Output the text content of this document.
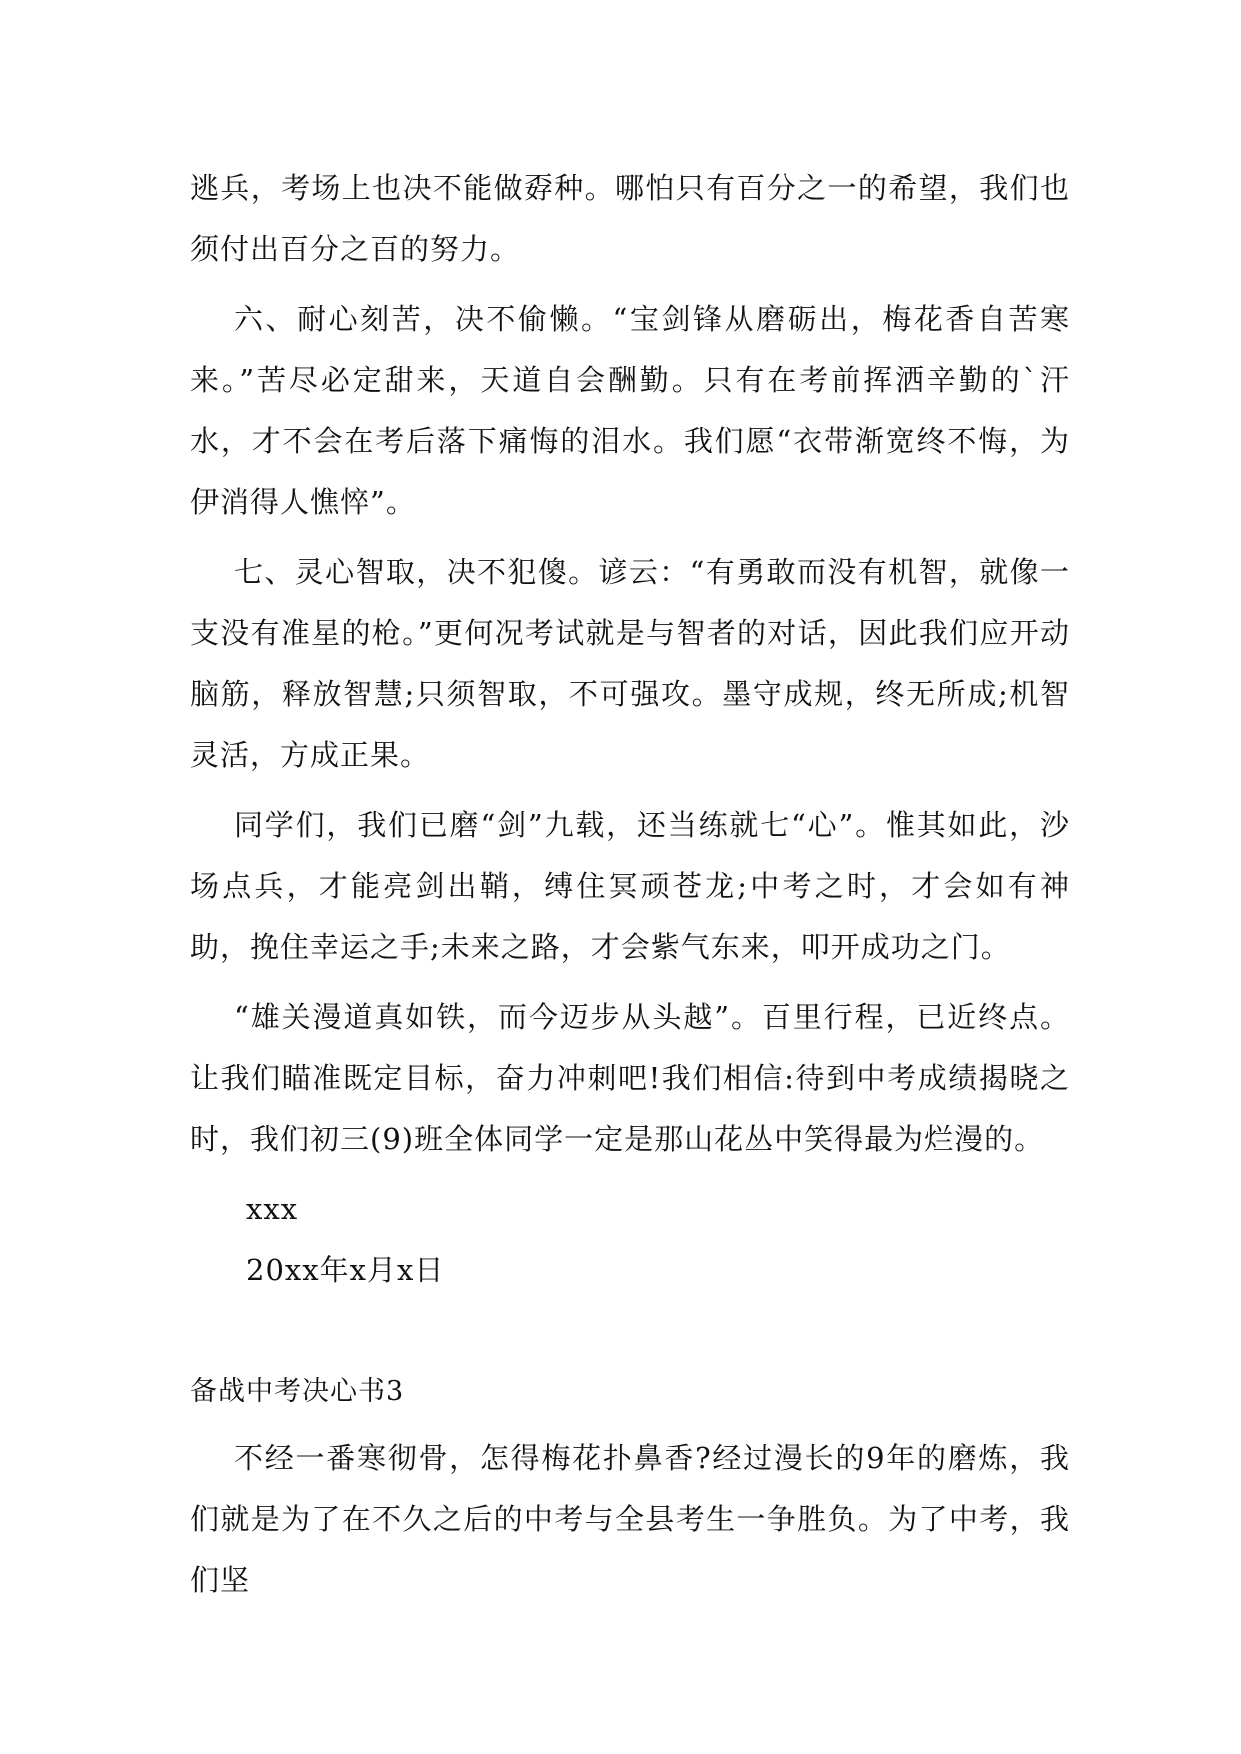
逃兵，考场上也决不能做孬种。哪怕只有百分之一的希望，我们也须付出百分之百的努力。

六、耐心刻苦，决不偷懒。“宝剑锋从磨砺出，梅花香自苦寒来。”苦尽必定甜来，天道自会酬勤。只有在考前挥洒辛勤的`汗水，才不会在考后落下痛悔的泪水。我们愿“衣带渐宽终不悔，为伊消得人憔悴”。

七、灵心智取，决不犯傻。谚云：“有勇敢而没有机智，就像一支没有准星的枪。”更何况考试就是与智者的对话，因此我们应开动脑筋，释放智慧;只须智取，不可强攻。墨守成规，终无所成;机智灵活，方成正果。

同学们，我们已磨“剑”九载，还当练就七“心”。惟其如此，沙场点兵，才能亮剑出鞘，缚住冥顽苍龙;中考之时，才会如有神助，挽住幸运之手;未来之路，才会紫气东来，叩开成功之门。

“雄关漫道真如铁，而今迈步从头越”。百里行程，已近终点。让我们瞄准既定目标，奋力冲刺吧!我们相信:待到中考成绩揭晓之时，我们初三(9)班全体同学一定是那山花丛中笑得最为烂漫的。

xxx

20xx年x月x日

备战中考决心书3

不经一番寒彻骨，怎得梅花扑鼻香?经过漫长的9年的磨炼，我们就是为了在不久之后的中考与全县考生一争胜负。为了中考，我们坚
